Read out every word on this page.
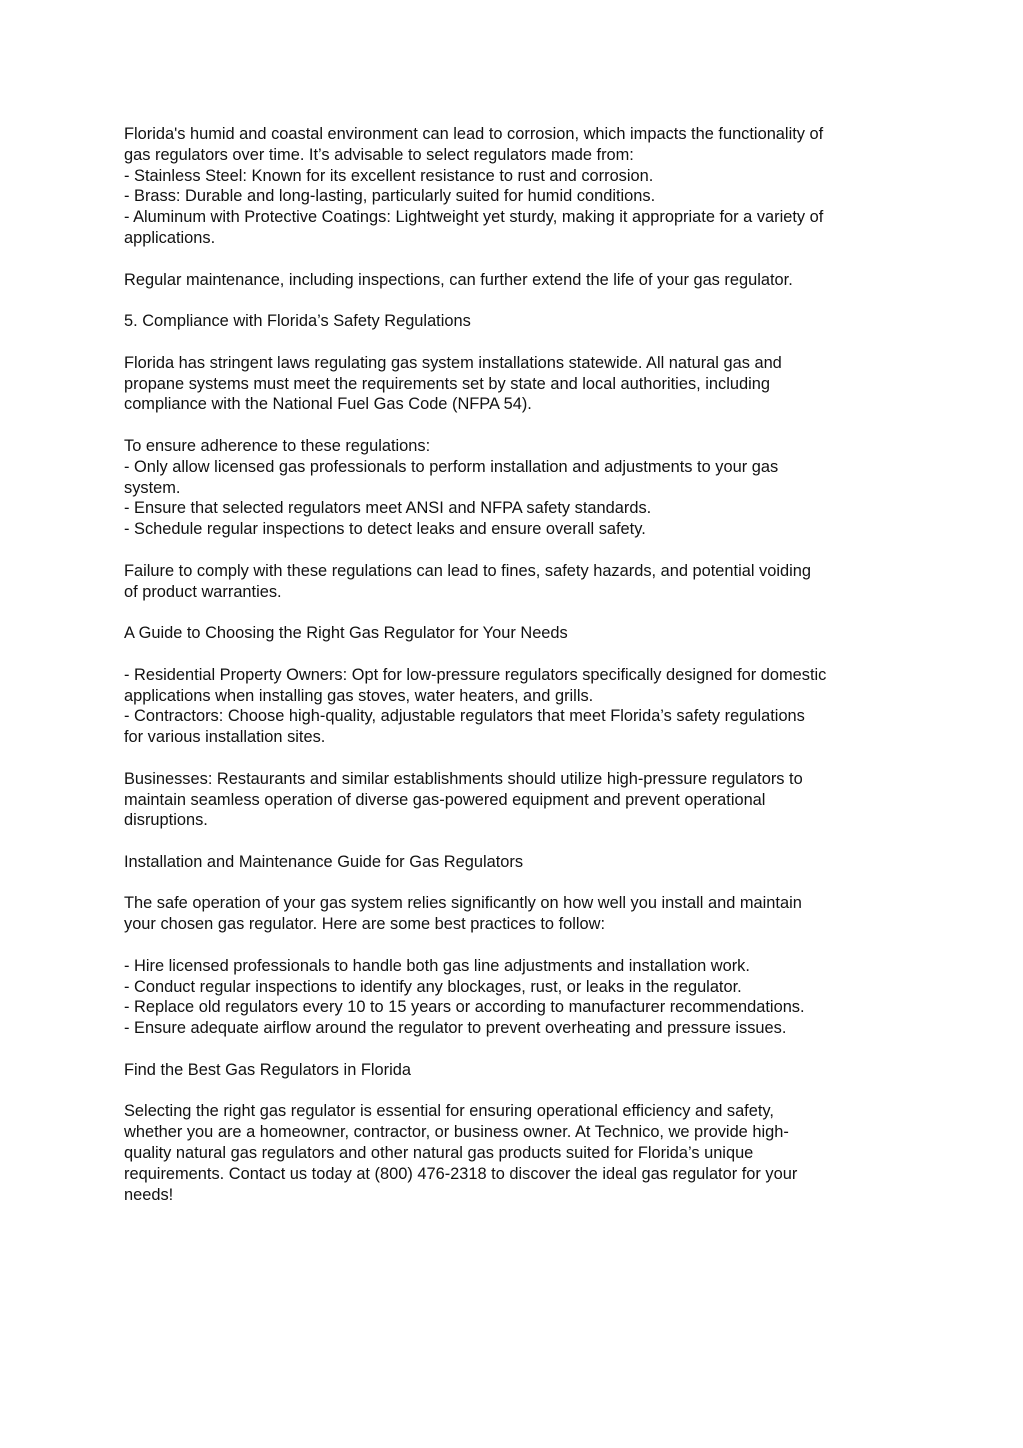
Florida's humid and coastal environment can lead to corrosion, which impacts the functionality of
gas regulators over time. It’s advisable to select regulators made from:
- Stainless Steel: Known for its excellent resistance to rust and corrosion.
- Brass: Durable and long-lasting, particularly suited for humid conditions.
- Aluminum with Protective Coatings: Lightweight yet sturdy, making it appropriate for a variety of
applications.
Regular maintenance, including inspections, can further extend the life of your gas regulator.
5. Compliance with Florida’s Safety Regulations
Florida has stringent laws regulating gas system installations statewide. All natural gas and
propane systems must meet the requirements set by state and local authorities, including
compliance with the National Fuel Gas Code (NFPA 54).
To ensure adherence to these regulations:
- Only allow licensed gas professionals to perform installation and adjustments to your gas
system.
- Ensure that selected regulators meet ANSI and NFPA safety standards.
- Schedule regular inspections to detect leaks and ensure overall safety.
Failure to comply with these regulations can lead to fines, safety hazards, and potential voiding
of product warranties.
A Guide to Choosing the Right Gas Regulator for Your Needs
- Residential Property Owners: Opt for low-pressure regulators specifically designed for domestic
applications when installing gas stoves, water heaters, and grills.
- Contractors: Choose high-quality, adjustable regulators that meet Florida’s safety regulations
for various installation sites.
Businesses: Restaurants and similar establishments should utilize high-pressure regulators to
maintain seamless operation of diverse gas-powered equipment and prevent operational
disruptions.
Installation and Maintenance Guide for Gas Regulators
The safe operation of your gas system relies significantly on how well you install and maintain
your chosen gas regulator. Here are some best practices to follow:
- Hire licensed professionals to handle both gas line adjustments and installation work.
- Conduct regular inspections to identify any blockages, rust, or leaks in the regulator.
- Replace old regulators every 10 to 15 years or according to manufacturer recommendations.
- Ensure adequate airflow around the regulator to prevent overheating and pressure issues.
Find the Best Gas Regulators in Florida
Selecting the right gas regulator is essential for ensuring operational efficiency and safety,
whether you are a homeowner, contractor, or business owner. At Technico, we provide high-
quality natural gas regulators and other natural gas products suited for Florida’s unique
requirements. Contact us today at (800) 476-2318 to discover the ideal gas regulator for your
needs!
